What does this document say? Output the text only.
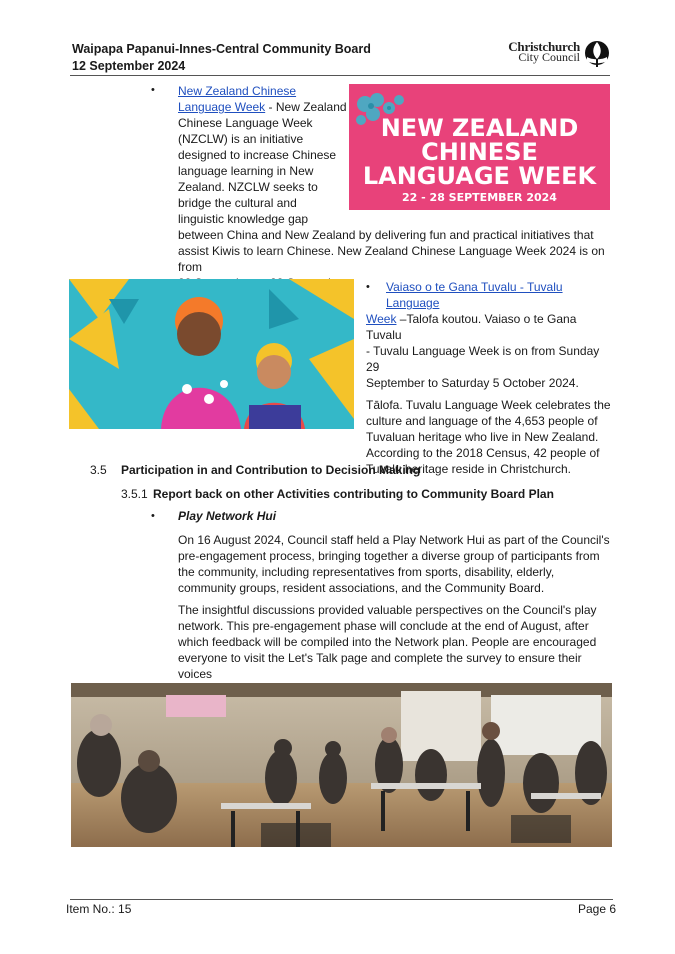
Waipapa Papanui-Innes-Central Community Board
12 September 2024
Christchurch
City Council
• New Zealand Chinese
Language Week - New Zealand
Chinese Language Week
(NZCLW) is an initiative
designed to increase Chinese
language learning in New
Zealand. NZCLW seeks to
bridge the cultural and
linguistic knowledge gap
between China and New Zealand by delivering fun and practical initiatives that
assist Kiwis to learn Chinese. New Zealand Chinese Language Week 2024 is on from
NEW ZEALAND
CHINESE
LANGUAGE WEEK
22 - 28 SEPTEMBER 2024
•	Vaiaso o te Gana Tuvalu - Tuvalu Language
Week –Talofa koutou. Vaiaso o te Gana Tuvalu
- Tuvalu Language Week is on from Sunday 29
September to Saturday 5 October 2024.
Tālofa. Tuvalu Language Week celebrates the
culture and language of the 4,653 people of
Tuvaluan heritage who live in New Zealand.
According to the 2018 Census, 42 people of
Tuvalu heritage reside in Christchurch.
3.5 Participation in and Contribution to Decision Making
3.5.1 Report back on other Activities contributing to Community Board Plan
• Play Network Hui
On 16 August 2024, Council staff held a Play Network Hui as part of the Council's
pre-engagement process, bringing together a diverse group of participants from
the community, including representatives from sports, disability, elderly,
community groups, resident associations, and the Community Board.
The insightful discussions provided valuable perspectives on the Council's play
network. This pre-engagement phase will conclude at the end of August, after
which feedback will be compiled into the Network plan. People are encouraged
everyone to visit the Let's Talk page and complete the survey to ensure their voices
Item No.: 15	Page 6
